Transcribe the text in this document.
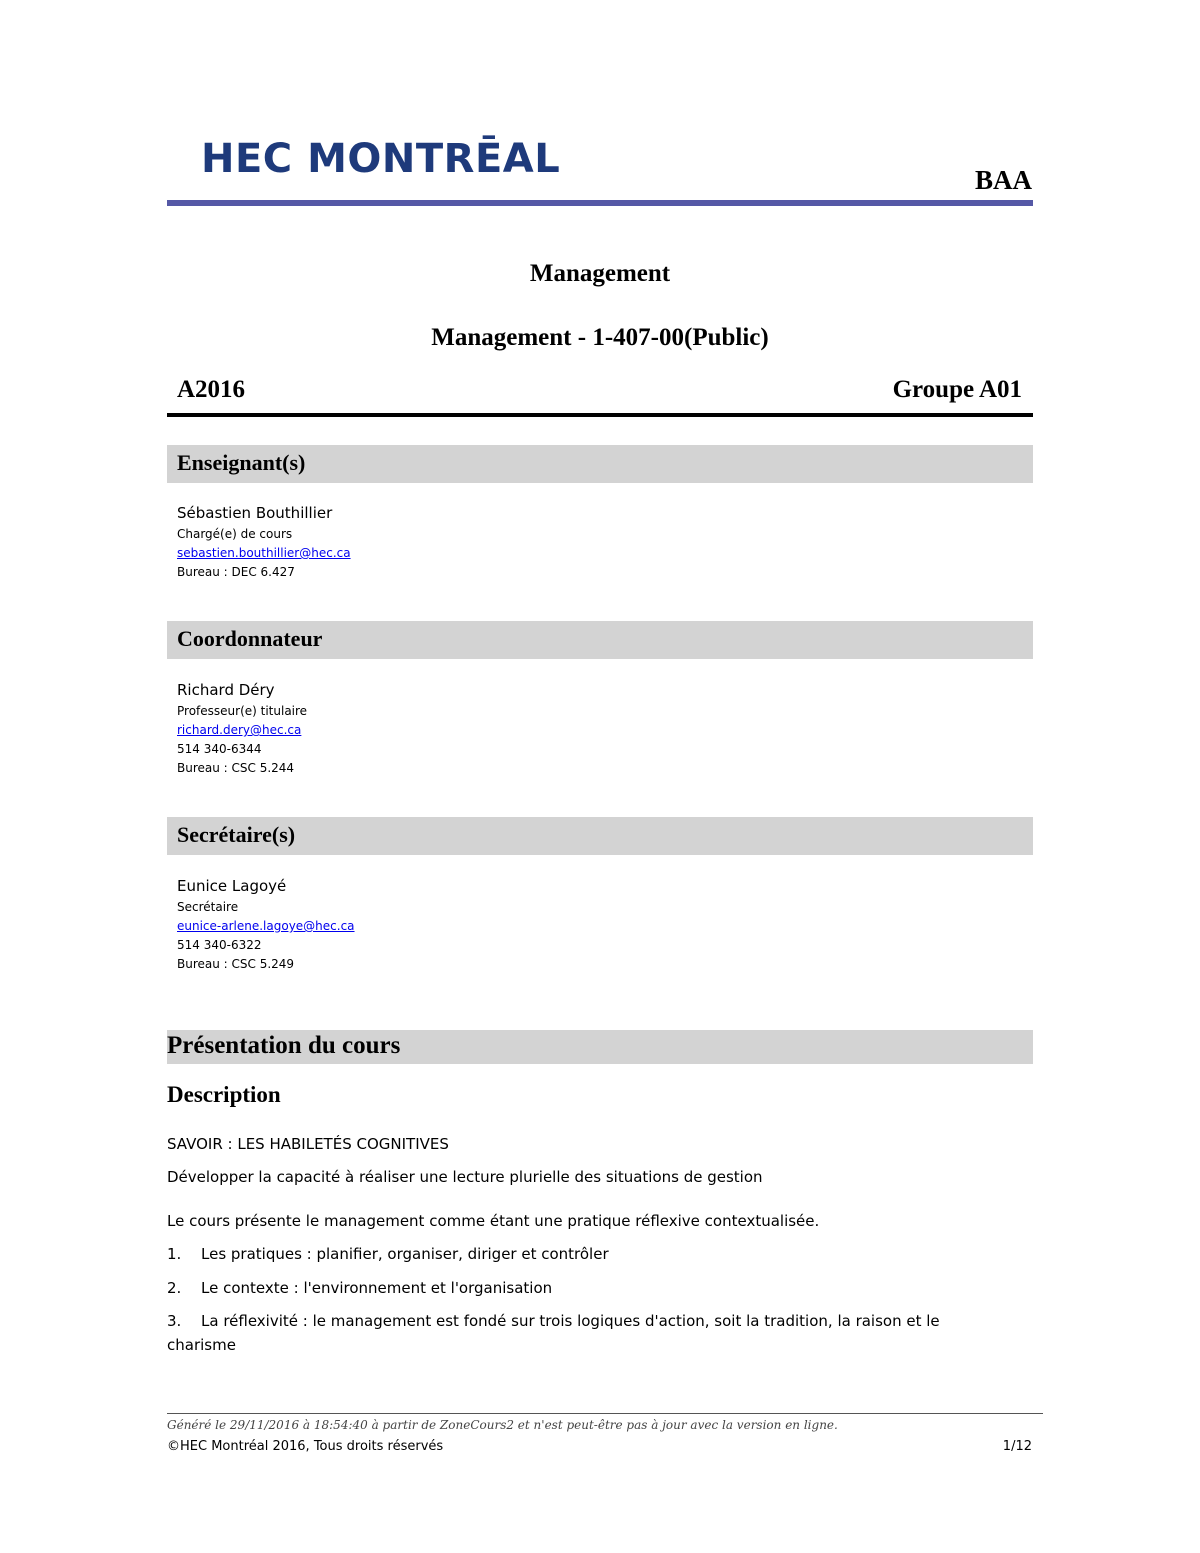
HEC MONTRĒAL	BAA
Management
Management - 1-407-00(Public)
A2016	Groupe A01
Enseignant(s)
Sébastien Bouthillier
Chargé(e) de cours
sebastien.bouthillier@hec.ca
Bureau : DEC 6.427
Coordonnateur
Richard Déry
Professeur(e) titulaire
richard.dery@hec.ca
514 340-6344
Bureau : CSC 5.244
Secrétaire(s)
Eunice Lagoyé
Secrétaire
eunice-arlene.lagoye@hec.ca
514 340-6322
Bureau : CSC 5.249
Présentation du cours
Description
SAVOIR : LES HABILETÉS COGNITIVES
Développer la capacité à réaliser une lecture plurielle des situations de gestion
Le cours présente le management comme étant une pratique réflexive contextualisée.
1. Les pratiques : planifier, organiser, diriger et contrôler
2. Le contexte : l'environnement et l'organisation
3. La réflexivité : le management est fondé sur trois logiques d'action, soit la tradition, la raison et le charisme
Généré le 29/11/2016 à 18:54:40 à partir de ZoneCours2 et n'est peut-être pas à jour avec la version en ligne.
©HEC Montréal 2016, Tous droits réservés	1/12
